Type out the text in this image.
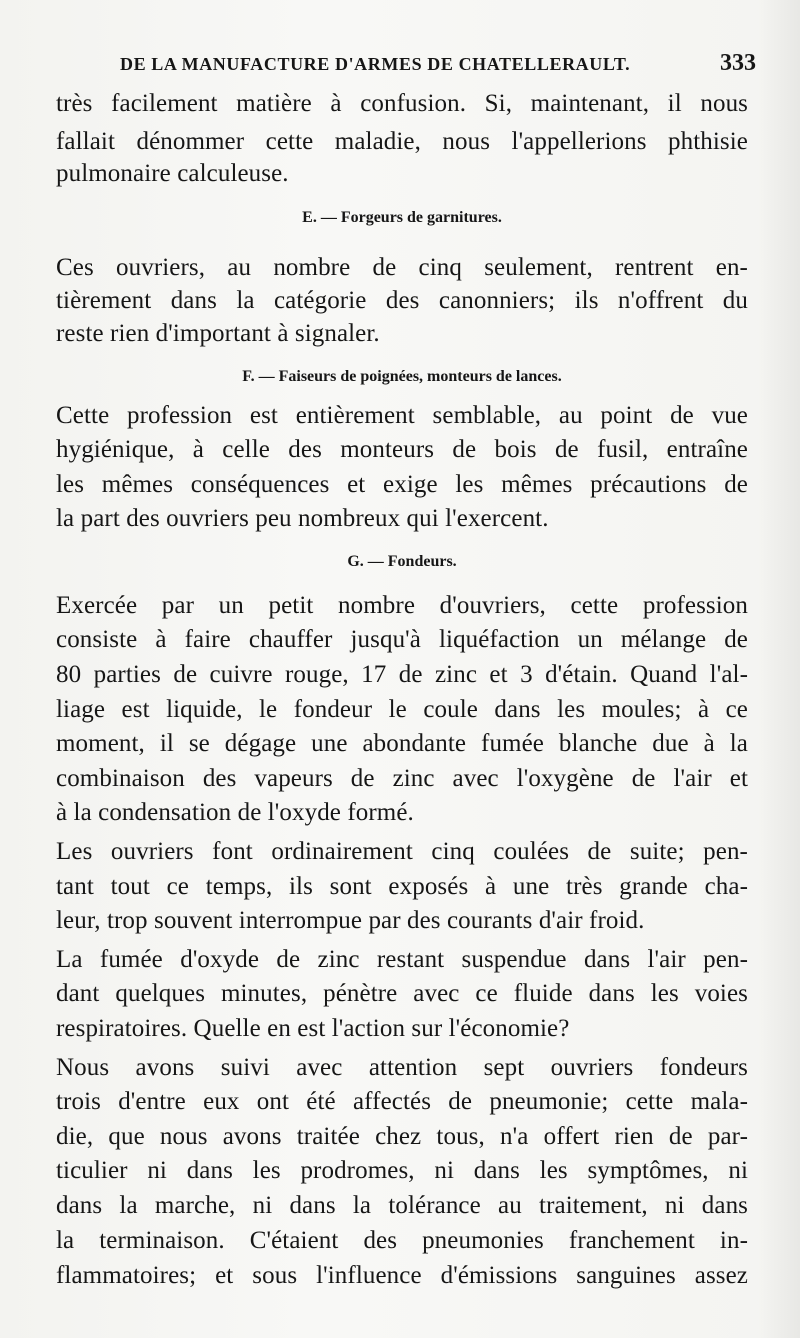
DE LA MANUFACTURE D'ARMES DE CHATELLERAULT.	333
très facilement matière à confusion. Si, maintenant, il nous
fallait dénommer cette maladie, nous l'appellerions phthisie
pulmonaire calculeuse.
E. — Forgeurs de garnitures.
Ces ouvriers, au nombre de cinq seulement, rentrent en-
tièrement dans la catégorie des canonniers; ils n'offrent du
reste rien d'important à signaler.
F. — Faiseurs de poignées, monteurs de lances.
Cette profession est entièrement semblable, au point de vue
hygiénique, à celle des monteurs de bois de fusil, entraîne
les mêmes conséquences et exige les mêmes précautions de
la part des ouvriers peu nombreux qui l'exercent.
G. — Fondeurs.
Exercée par un petit nombre d'ouvriers, cette profession
consiste à faire chauffer jusqu'à liquéfaction un mélange de
80 parties de cuivre rouge, 17 de zinc et 3 d'étain. Quand l'al-
liage est liquide, le fondeur le coule dans les moules; à ce
moment, il se dégage une abondante fumée blanche due à la
combinaison des vapeurs de zinc avec l'oxygène de l'air et
à la condensation de l'oxyde formé.
Les ouvriers font ordinairement cinq coulées de suite; pen-
tant tout ce temps, ils sont exposés à une très grande cha-
leur, trop souvent interrompue par des courants d'air froid.
La fumée d'oxyde de zinc restant suspendue dans l'air pen-
dant quelques minutes, pénètre avec ce fluide dans les voies
respiratoires. Quelle en est l'action sur l'économie?
Nous avons suivi avec attention sept ouvriers fondeurs
trois d'entre eux ont été affectés de pneumonie; cette mala-
die, que nous avons traitée chez tous, n'a offert rien de par-
ticulier ni dans les prodromes, ni dans les symptômes, ni
dans la marche, ni dans la tolérance au traitement, ni dans
la terminaison. C'étaient des pneumonies franchement in-
flammatoires; et sous l'influence d'émissions sanguines assez
